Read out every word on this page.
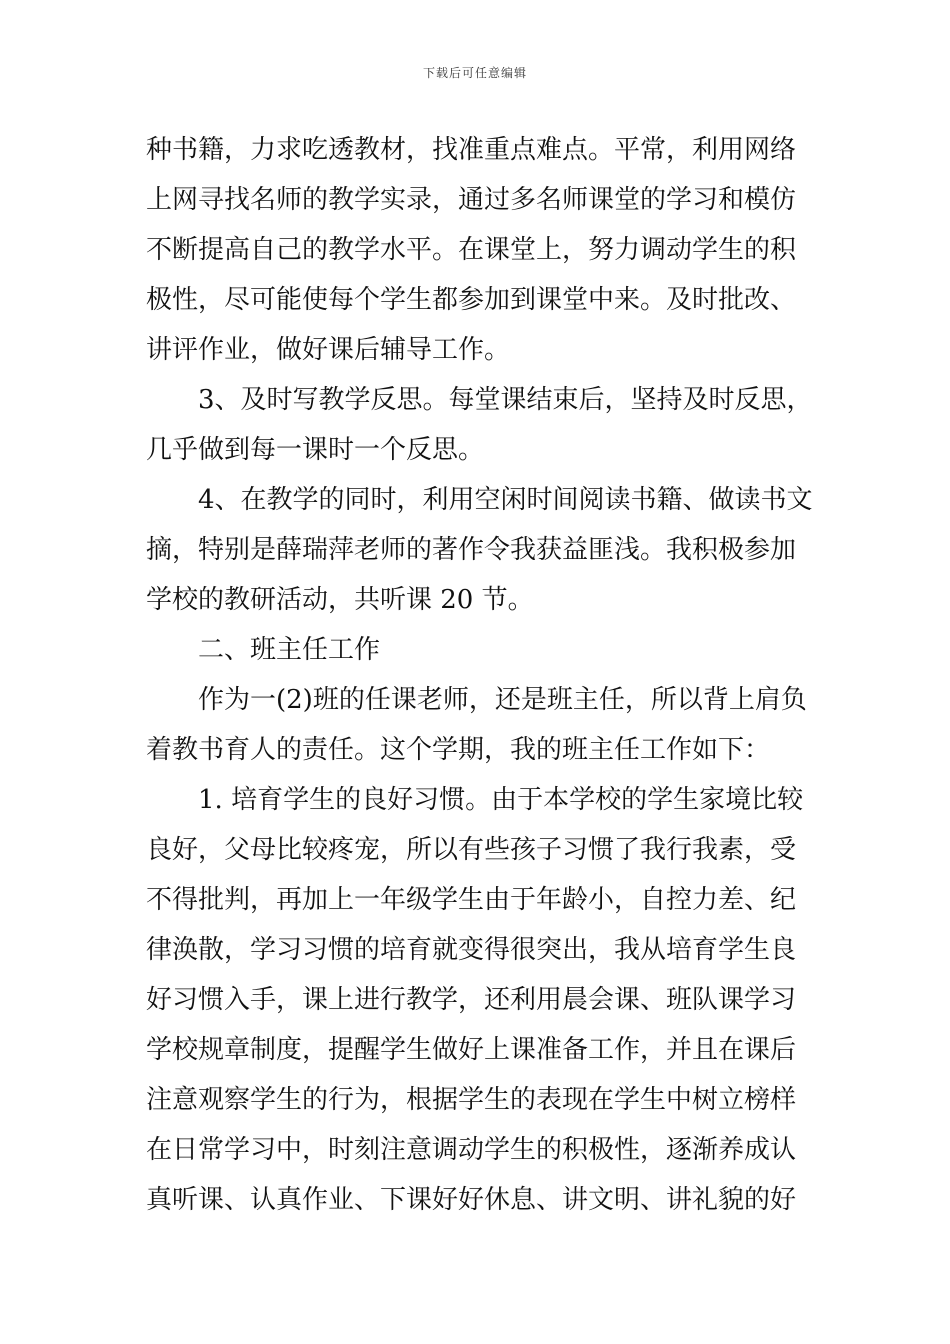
下载后可任意编辑
种书籍，力求吃透教材，找准重点难点。平常，利用网络
上网寻找名师的教学实录，通过多名师课堂的学习和模仿
不断提高自己的教学水平。在课堂上，努力调动学生的积
极性，尽可能使每个学生都参加到课堂中来。及时批改、
讲评作业，做好课后辅导工作。
　　3、及时写教学反思。每堂课结束后，坚持及时反思，
几乎做到每一课时一个反思。
　　4、在教学的同时，利用空闲时间阅读书籍、做读书文
摘，特别是薛瑞萍老师的著作令我获益匪浅。我积极参加
学校的教研活动，共听课 20 节。
　　二、班主任工作
　　作为一(2)班的任课老师，还是班主任，所以背上肩负
着教书育人的责任。这个学期，我的班主任工作如下：
　　1. 培育学生的良好习惯。由于本学校的学生家境比较
良好，父母比较疼宠，所以有些孩子习惯了我行我素，受
不得批判，再加上一年级学生由于年龄小，自控力差、纪
律涣散，学习习惯的培育就变得很突出，我从培育学生良
好习惯入手，课上进行教学，还利用晨会课、班队课学习
学校规章制度，提醒学生做好上课准备工作，并且在课后
注意观察学生的行为，根据学生的表现在学生中树立榜样
在日常学习中，时刻注意调动学生的积极性，逐渐养成认
真听课、认真作业、下课好好休息、讲文明、讲礼貌的好
